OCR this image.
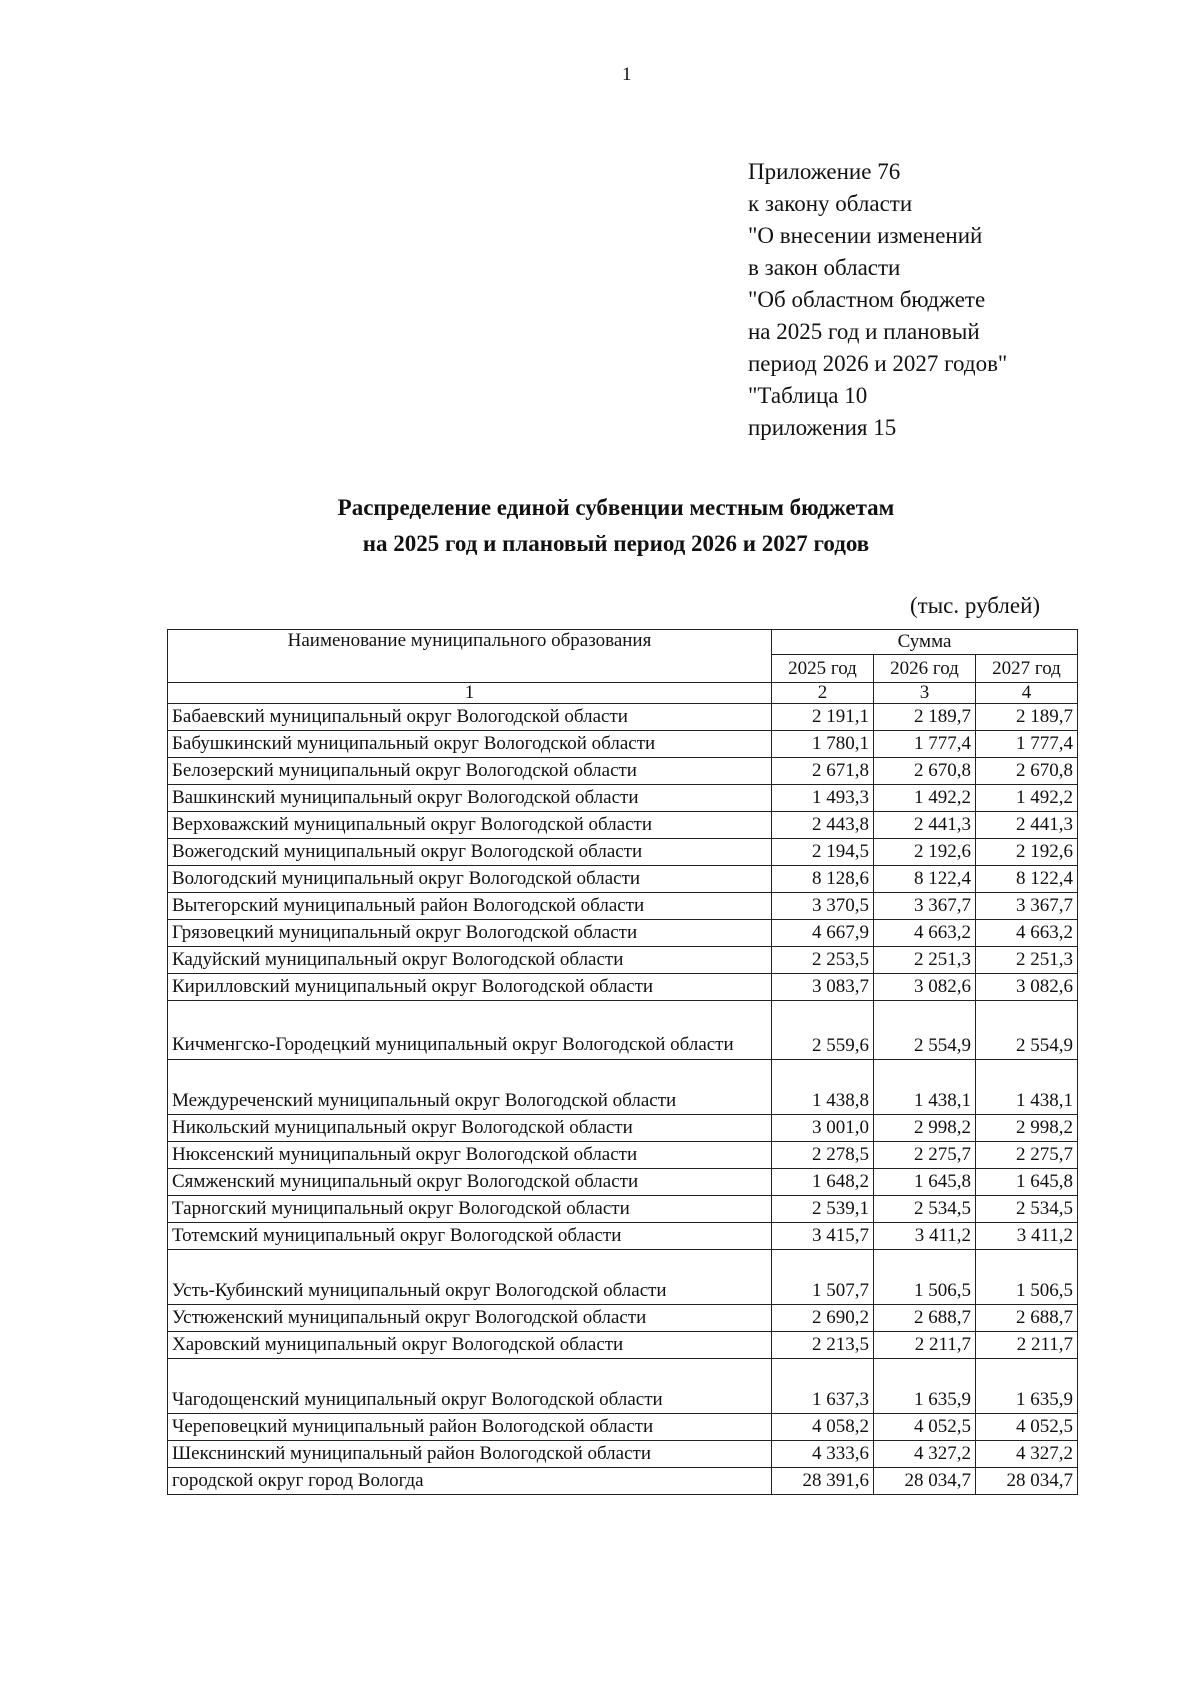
1
Приложение 76
к закону области
"О внесении изменений
в закон области
"Об областном бюджете
на 2025 год и плановый
период 2026 и 2027 годов"
"Таблица 10
приложения 15
Распределение единой субвенции местным бюджетам
на 2025 год и плановый период 2026 и 2027 годов
(тыс. рублей)
Наименование муниципального образования	Сумма		
	2025 год	2026 год	2027 год
1	2	3	4
Бабаевский муниципальный округ Вологодской области	2 191,1	2 189,7	2 189,7
Бабушкинский муниципальный округ Вологодской области	1 780,1	1 777,4	1 777,4
Белозерский муниципальный округ Вологодской области	2 671,8	2 670,8	2 670,8
Вашкинский муниципальный округ Вологодской области	1 493,3	1 492,2	1 492,2
Верховажский муниципальный округ Вологодской области	2 443,8	2 441,3	2 441,3
Вожегодский муниципальный округ Вологодской области	2 194,5	2 192,6	2 192,6
Вологодский муниципальный округ Вологодской области	8 128,6	8 122,4	8 122,4
Вытегорский муниципальный район Вологодской области	3 370,5	3 367,7	3 367,7
Грязовецкий муниципальный округ Вологодской области	4 667,9	4 663,2	4 663,2
Кадуйский муниципальный округ Вологодской области	2 253,5	2 251,3	2 251,3
Кирилловский муниципальный округ Вологодской области	3 083,7	3 082,6	3 082,6
Кичменгско-Городецкий муниципальный округ Вологодской области	2 559,6	2 554,9	2 554,9
Междуреченский муниципальный округ Вологодской области	1 438,8	1 438,1	1 438,1
Никольский муниципальный округ Вологодской области	3 001,0	2 998,2	2 998,2
Нюксенский муниципальный округ Вологодской области	2 278,5	2 275,7	2 275,7
Сямженский муниципальный округ Вологодской области	1 648,2	1 645,8	1 645,8
Тарногский муниципальный округ Вологодской области	2 539,1	2 534,5	2 534,5
Тотемский муниципальный округ Вологодской области	3 415,7	3 411,2	3 411,2
Усть-Кубинский муниципальный округ Вологодской области	1 507,7	1 506,5	1 506,5
Устюженский муниципальный округ Вологодской области	2 690,2	2 688,7	2 688,7
Харовский муниципальный округ Вологодской области	2 213,5	2 211,7	2 211,7
Чагодощенский муниципальный округ Вологодской области	1 637,3	1 635,9	1 635,9
Череповецкий муниципальный район Вологодской области	4 058,2	4 052,5	4 052,5
Шекснинский муниципальный район Вологодской области	4 333,6	4 327,2	4 327,2
городской округ город Вологда	28 391,6	28 034,7	28 034,7
